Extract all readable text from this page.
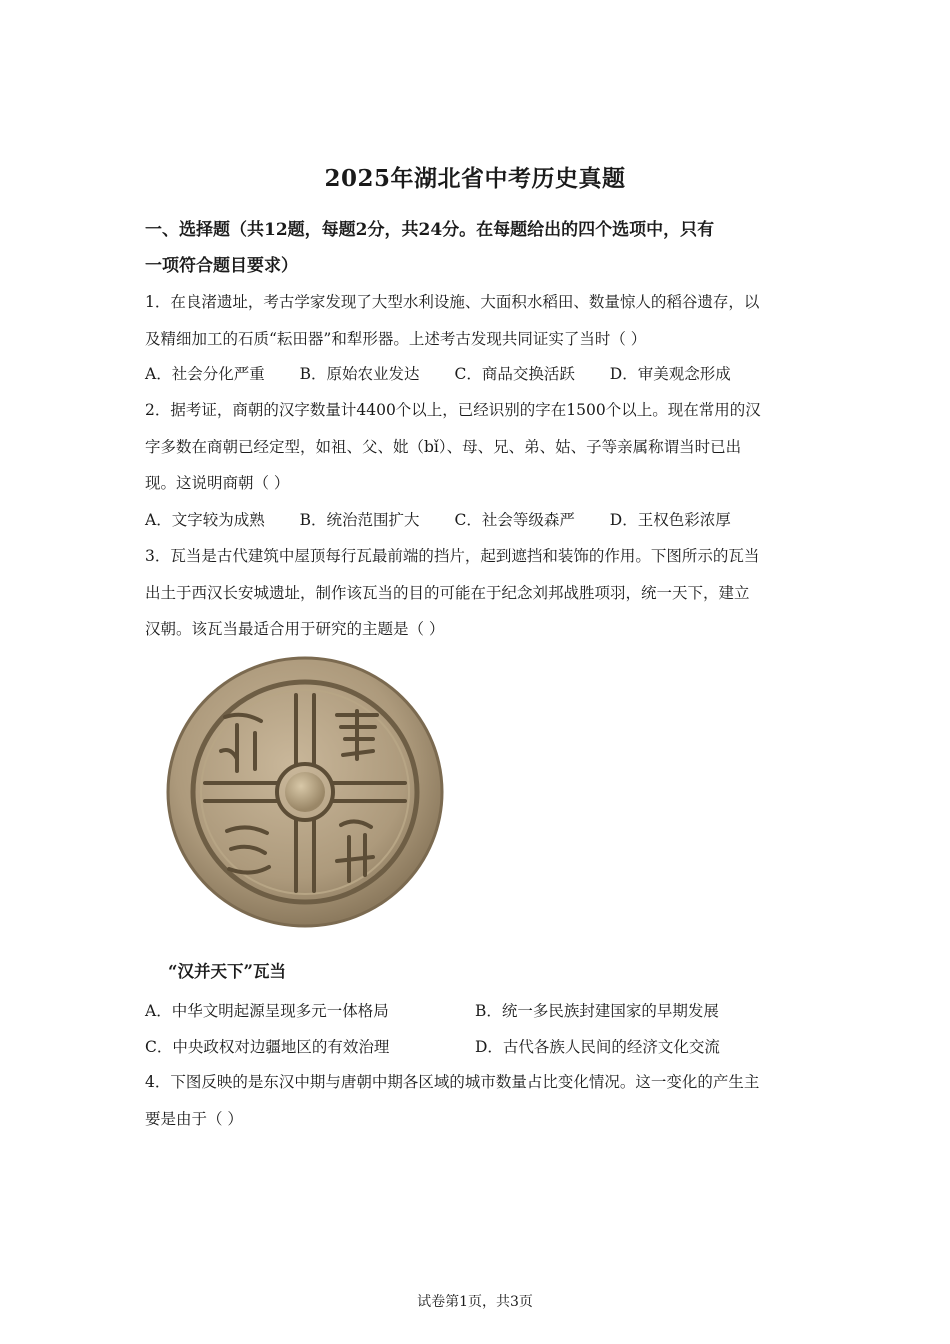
2025年湖北省中考历史真题
一、选择题（共12题，每题2分，共24分。在每题给出的四个选项中，只有
一项符合题目要求）
1．在良渚遗址，考古学家发现了大型水利设施、大面积水稻田、数量惊人的稻谷遗存，以
及精细加工的石质“耘田器”和犁形器。上述考古发现共同证实了当时（ ）
A．社会分化严重 B．原始农业发达 C．商品交换活跃 D．审美观念形成
2．据考证，商朝的汉字数量计4400个以上，已经识别的字在1500个以上。现在常用的汉
字多数在商朝已经定型，如祖、父、妣（bǐ）、母、兄、弟、姑、子等亲属称谓当时已出
现。这说明商朝（ ）
A．文字较为成熟 B．统治范围扩大 C．社会等级森严 D．王权色彩浓厚
3．瓦当是古代建筑中屋顶每行瓦最前端的挡片，起到遮挡和装饰的作用。下图所示的瓦当
出土于西汉长安城遗址，制作该瓦当的目的可能在于纪念刘邦战胜项羽，统一天下，建立
汉朝。该瓦当最适合用于研究的主题是（ ）
“汉并天下”瓦当
A．中华文明起源呈现多元一体格局	B．统一多民族封建国家的早期发展
C．中央政权对边疆地区的有效治理	D．古代各族人民间的经济文化交流
4．下图反映的是东汉中期与唐朝中期各区域的城市数量占比变化情况。这一变化的产生主
要是由于（ ）
试卷第1页，共3页
